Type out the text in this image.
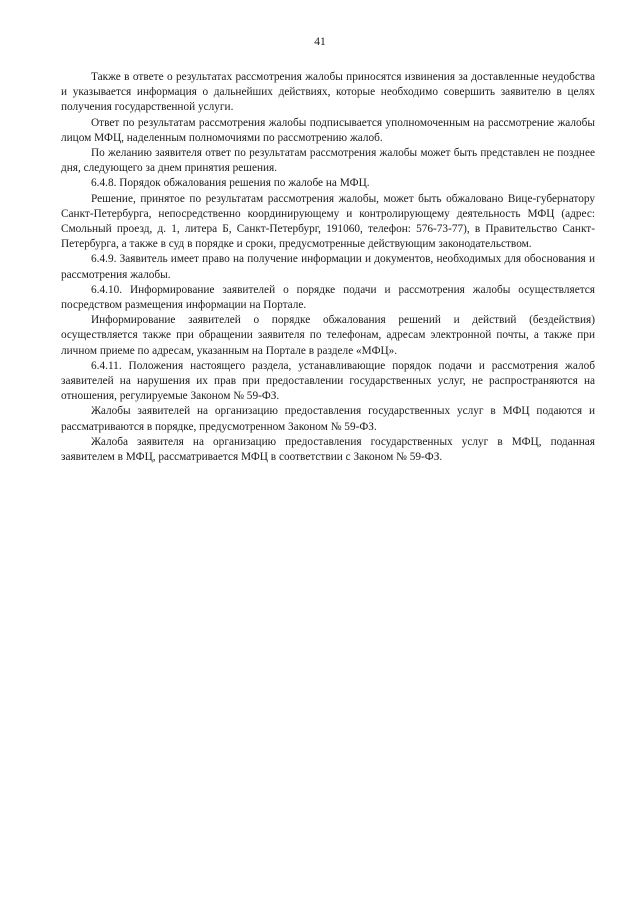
41

Также в ответе о результатах рассмотрения жалобы приносятся извинения за доставленные неудобства и указывается информация о дальнейших действиях, которые необходимо совершить заявителю в целях получения государственной услуги.

Ответ по результатам рассмотрения жалобы подписывается уполномоченным на рассмотрение жалобы лицом МФЦ, наделенным полномочиями по рассмотрению жалоб.

По желанию заявителя ответ по результатам рассмотрения жалобы может быть представлен не позднее дня, следующего за днем принятия решения.

6.4.8. Порядок обжалования решения по жалобе на МФЦ.

Решение, принятое по результатам рассмотрения жалобы, может быть обжаловано Вице-губернатору Санкт-Петербурга, непосредственно координирующему и контролирующему деятельность МФЦ (адрес: Смольный проезд, д. 1, литера Б, Санкт-Петербург, 191060, телефон: 576-73-77), в Правительство Санкт-Петербурга, а также в суд в порядке и сроки, предусмотренные действующим законодательством.

6.4.9. Заявитель имеет право на получение информации и документов, необходимых для обоснования и рассмотрения жалобы.

6.4.10. Информирование заявителей о порядке подачи и рассмотрения жалобы осуществляется посредством размещения информации на Портале.

Информирование заявителей о порядке обжалования решений и действий (бездействия) осуществляется также при обращении заявителя по телефонам, адресам электронной почты, а также при личном приеме по адресам, указанным на Портале в разделе «МФЦ».

6.4.11. Положения настоящего раздела, устанавливающие порядок подачи и рассмотрения жалоб заявителей на нарушения их прав при предоставлении государственных услуг, не распространяются на отношения, регулируемые Законом № 59-ФЗ.

Жалобы заявителей на организацию предоставления государственных услуг в МФЦ подаются и рассматриваются в порядке, предусмотренном Законом № 59-ФЗ.

Жалоба заявителя на организацию предоставления государственных услуг в МФЦ, поданная заявителем в МФЦ, рассматривается МФЦ в соответствии с Законом № 59-ФЗ.
